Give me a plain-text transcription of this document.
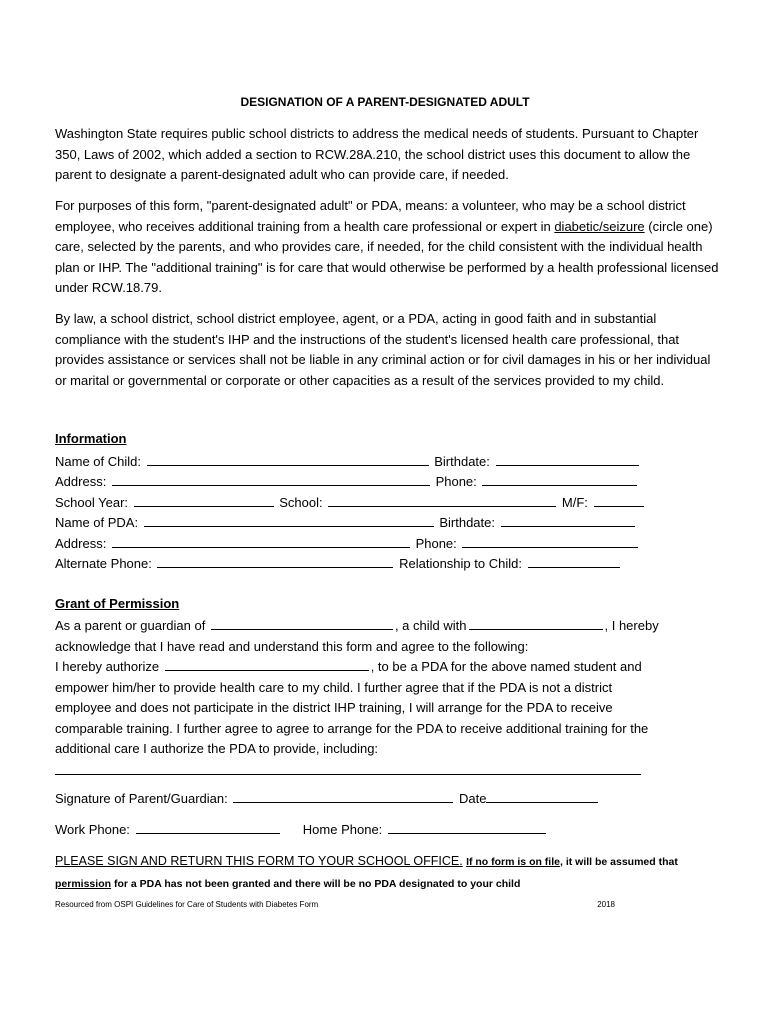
DESIGNATION OF A PARENT-DESIGNATED ADULT
Washington State requires public school districts to address the medical needs of students. Pursuant to Chapter 350, Laws of 2002, which added a section to RCW.28A.210, the school district uses this document to allow the parent to designate a parent-designated adult who can provide care, if needed.
For purposes of this form, "parent-designated adult" or PDA, means: a volunteer, who may be a school district employee, who receives additional training from a health care professional or expert in diabetic/seizure (circle one) care, selected by the parents, and who provides care, if needed, for the child consistent with the individual health plan or IHP. The "additional training" is for care that would otherwise be performed by a health professional licensed under RCW.18.79.
By law, a school district, school district employee, agent, or a PDA, acting in good faith and in substantial compliance with the student's IHP and the instructions of the student's licensed health care professional, that provides assistance or services shall not be liable in any criminal action or for civil damages in his or her individual or marital or governmental or corporate or other capacities as a result of the services provided to my child.
Information
Name of Child:	Birthdate:
Address:	Phone:
School Year:	School:	M/F:
Name of PDA:	Birthdate:
Address:	Phone:
Alternate Phone:	Relationship to Child:
Grant of Permission
As a parent or guardian of	, a child with	, I hereby
acknowledge that I have read and understand this form and agree to the following:
I hereby authorize	, to be a PDA for the above named student and
empower him/her to provide health care to my child. I further agree that if the PDA is not a district
employee and does not participate in the district IHP training, I will arrange for the PDA to receive
comparable training. I further agree to agree to arrange for the PDA to receive additional training for the
additional care I authorize the PDA to provide, including:
Signature of Parent/Guardian:	Date
Work Phone:	Home Phone:
PLEASE SIGN AND RETURN THIS FORM TO YOUR SCHOOL OFFICE. If no form is on file, it will be assumed that
permission for a PDA has not been granted and there will be no PDA designated to your child
Resourced from OSPI Guidelines for Care of Students with Diabetes Form	2018
